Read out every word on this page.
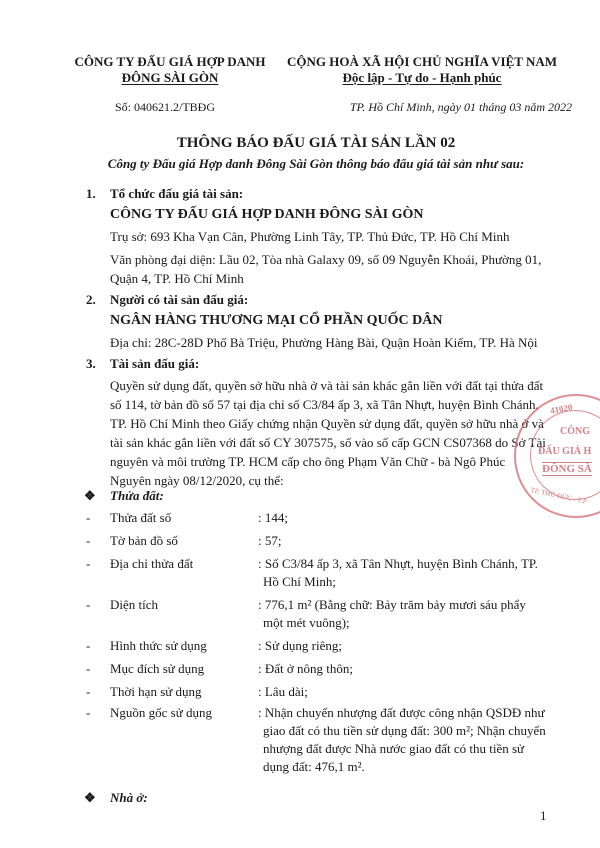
CÔNG TY ĐẤU GIÁ HỢP DANH
ĐÔNG SÀI GÒN
CỘNG HOÀ XÃ HỘI CHỦ NGHĨA VIỆT NAM
Độc lập - Tự do - Hạnh phúc
Số: 040621.2/TBĐG	TP. Hồ Chí Minh, ngày 01 tháng 03 năm 2022
THÔNG BÁO ĐẤU GIÁ TÀI SẢN LẦN 02
Công ty Đấu giá Hợp danh Đông Sài Gòn thông báo đấu giá tài sản như sau:
1. Tổ chức đấu giá tài sản:
CÔNG TY ĐẤU GIÁ HỢP DANH ĐÔNG SÀI GÒN
Trụ sở: 693 Kha Vạn Cân, Phường Linh Tây, TP. Thủ Đức, TP. Hồ Chí Minh
Văn phòng đại diện: Lầu 02, Tòa nhà Galaxy 09, số 09 Nguyễn Khoái, Phường 01,
Quận 4, TP. Hồ Chí Minh
2. Người có tài sản đấu giá:
NGÂN HÀNG THƯƠNG MẠI CỔ PHẦN QUỐC DÂN
Địa chỉ: 28C-28D Phố Bà Triệu, Phường Hàng Bài, Quận Hoàn Kiếm, TP. Hà Nội
3. Tài sản đấu giá:
Quyền sử dụng đất, quyền sở hữu nhà ở và tài sản khác gắn liền với đất tại thửa đất
số 114, tờ bản đồ số 57 tại địa chỉ số C3/84 ấp 3, xã Tân Nhựt, huyện Bình Chánh,
TP. Hồ Chí Minh theo Giấy chứng nhận Quyền sử dụng đất, quyền sở hữu nhà ở và
tài sản khác gắn liền với đất số CY 307575, số vào sổ cấp GCN CS07368 do Sở Tài
nguyên và môi trường TP. HCM cấp cho ông Phạm Văn Chữ - bà Ngô Phúc
Nguyên ngày 08/12/2020, cụ thể:
❖ Thửa đất:
- Thửa đất số	: 144;
- Tờ bản đồ số	: 57;
- Địa chỉ thửa đất	: Số C3/84 ấp 3, xã Tân Nhựt, huyện Bình Chánh, TP.
Hồ Chí Minh;
- Diện tích	: 776,1 m² (Bằng chữ: Bảy trăm bảy mươi sáu phẩy
một mét vuông);
- Hình thức sử dụng	: Sử dụng riêng;
- Mục đích sử dụng	: Đất ở nông thôn;
- Thời hạn sử dụng	: Lâu dài;
- Nguồn gốc sử dụng	: Nhận chuyển nhượng đất được công nhận QSDĐ như
giao đất có thu tiền sử dụng đất: 300 m²; Nhận chuyển
nhượng đất được Nhà nước giao đất có thu tiền sử
dụng đất: 476,1 m².
❖ Nhà ở:
1
41020
CÔNG
ĐẤU GIÁ H
ĐÔNG SÀ
TP. THỦ ĐỨC - T.P
